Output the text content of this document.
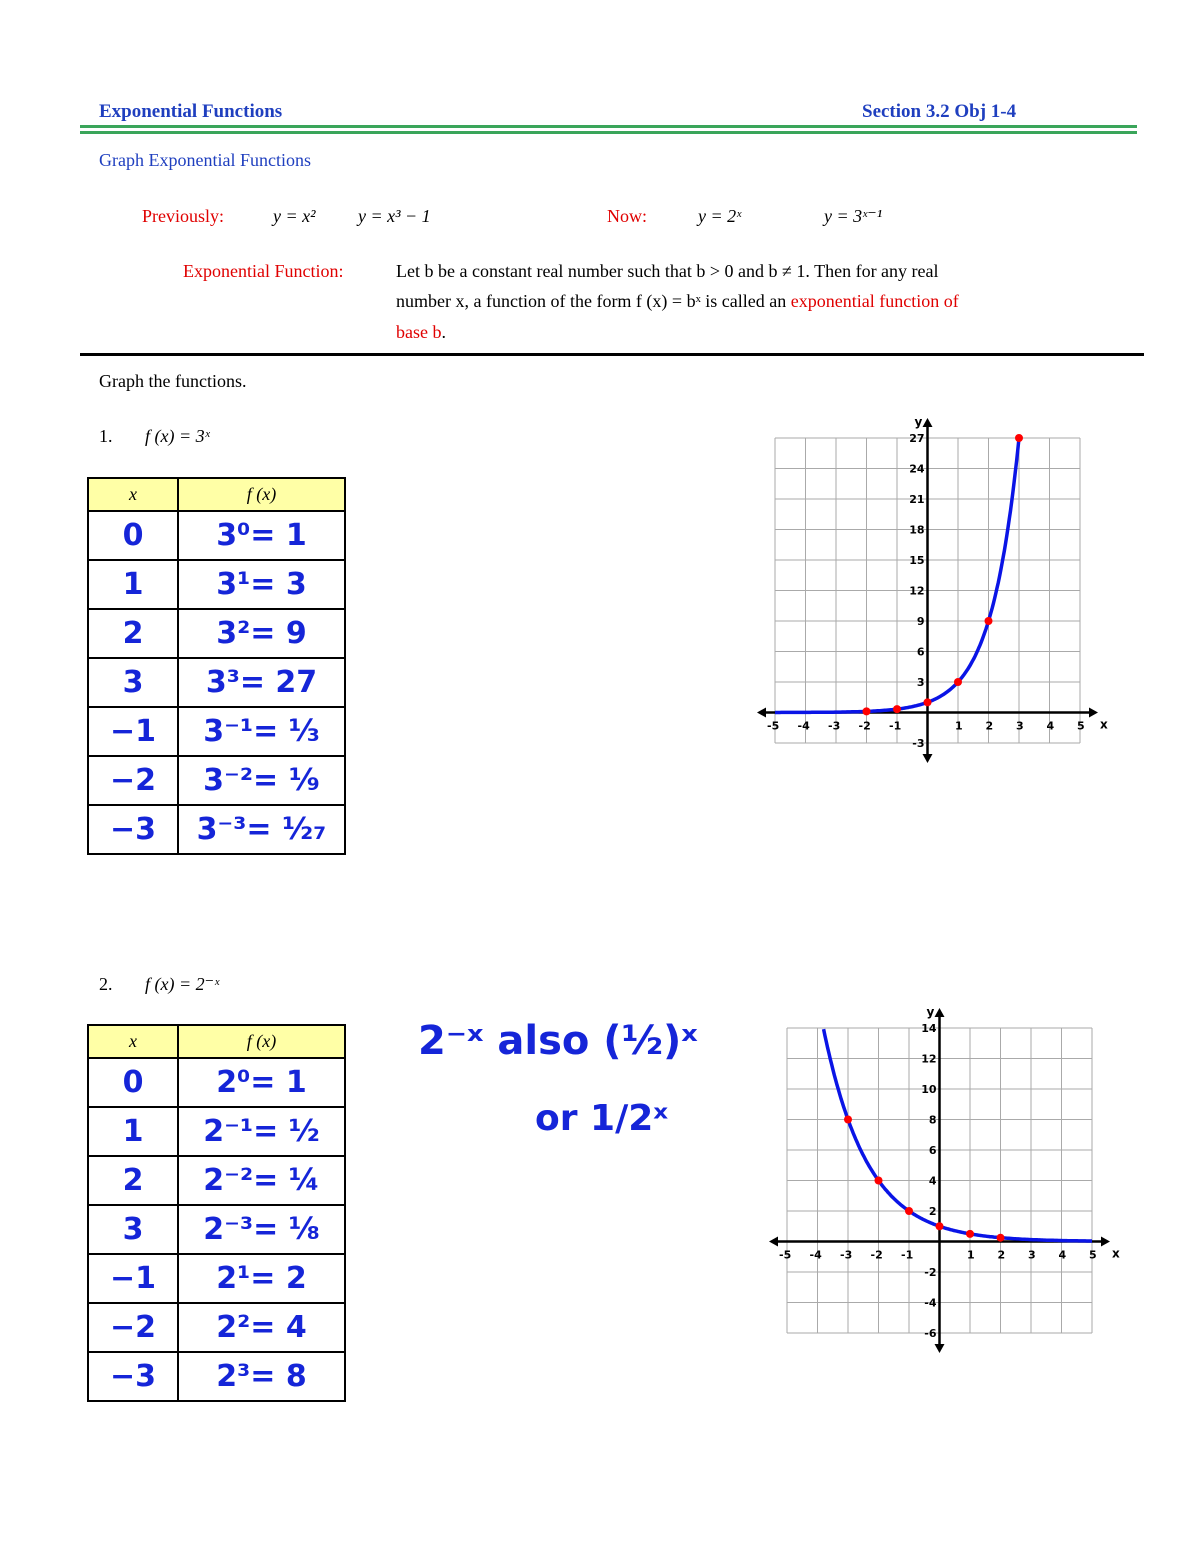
Exponential Functions	Section 3.2 Obj 1-4
Graph Exponential Functions
Previously:	y = x² y = x³ − 1	Now:	y = 2ˣ	y = 3ˣ⁻¹
Exponential Function:	Let b be a constant real number such that b > 0 and b ≠ 1. Then for any real
number x, a function of the form f (x) = bˣ is called an exponential function of
base b.
Graph the functions.
1. f (x) = 3ˣ
x	f (x)
0	3⁰= 1
1	3¹= 3
2	3²= 9
3	3³= 27
−1	3⁻¹= ⅓
−2	3⁻²= ¹⁄₉
−3	3⁻³= ¹⁄₂₇
x
y
-5 -4 -3 -2 -1	1 2 3 4 5
27
24
21
18
15
12
9
6
3
-3
2. f (x) = 2⁻ˣ
2⁻ˣ also (½)ˣ
or 1/2ˣ
x	f (x)
0	2⁰= 1
1	2⁻¹= ½
2	2⁻²= ¼
3	2⁻³= ⅛
−1	2¹= 2
−2	2²= 4
−3	2³= 8
x
y
-5 -4 -3 -2 -1	1 2 3 4 5
14
12
10
8
6
4
2
-2
-4
-6
